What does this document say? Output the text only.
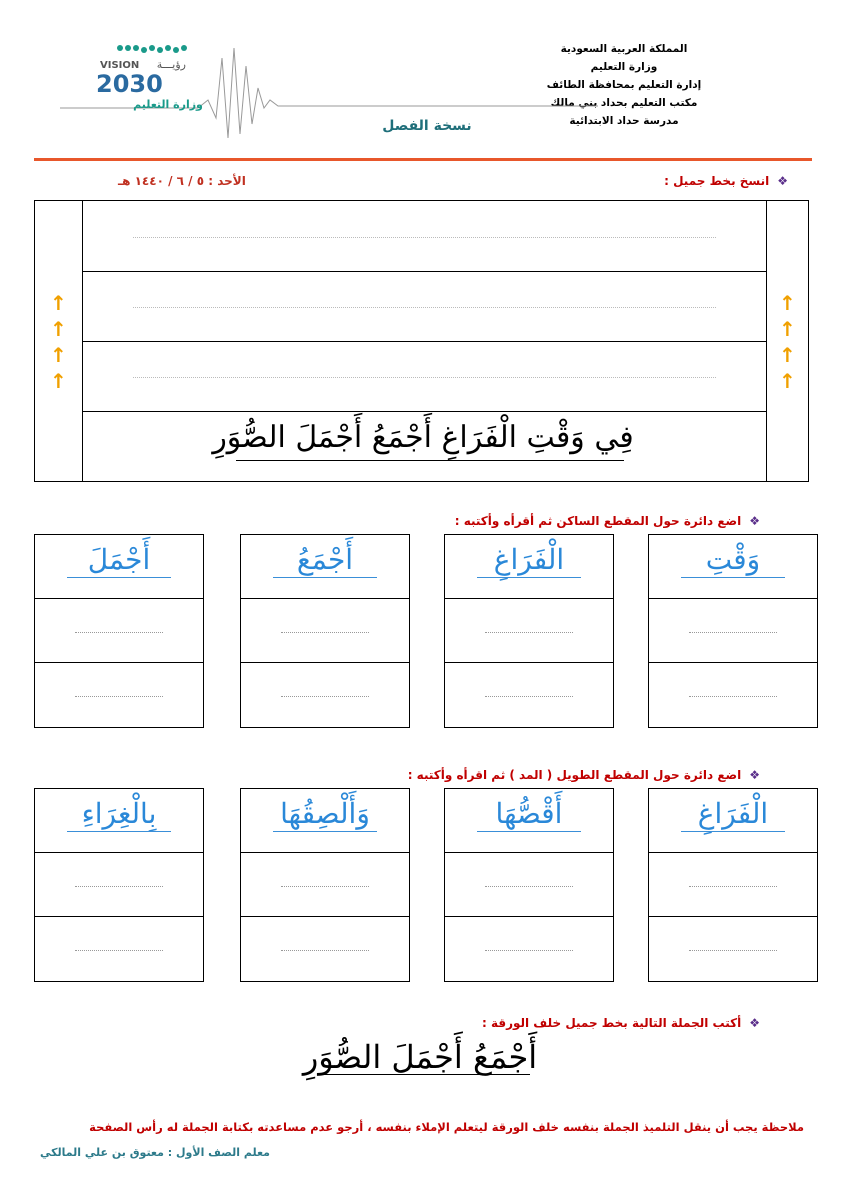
المملكة العربية السعودية
وزارة التعليم
إدارة التعليم بمحافظة الطائف
مكتب التعليم بحداد بني مالك
مدرسة حداد الابتدائية
VISION رؤيـــة
2030
وزارة التعليم
نسخة الفصل
❖انسخ بخط جميل :
الأحد : ٥ / ٦ / ١٤٤٠ هـ
↑
↑
↑
↑
↑
↑
↑
↑
فِي وَقْتِ الْفَرَاغِ أَجْمَعُ أَجْمَلَ الصُّوَرِ
❖اضع دائرة حول المقطع الساكن ثم أقرأه وأكتبه :
وَقْتِ
الْفَرَاغِ
أَجْمَعُ
أَجْمَلَ
❖اضع دائرة حول المقطع الطويل ( المد ) ثم اقرأه وأكتبه :
الْفَرَاغِ
أَقْصُّهَا
وَأَلْصِقُهَا
بِالْغِرَاءِ
❖أكتب الجملة التالية بخط جميل خلف الورقة :
أَجْمَعُ أَجْمَلَ الصُّوَرِ
ملاحظة يجب أن ينقل التلميذ الجملة بنفسه خلف الورقة ليتعلم الإملاء بنفسه ، أرجو عدم مساعدته بكتابة الجملة له رأس الصفحة
معلم الصف الأول : معتوق بن علي المالكي
